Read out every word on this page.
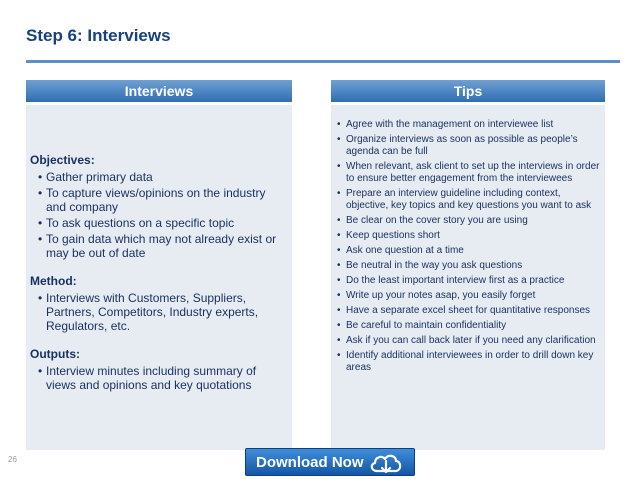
Step 6: Interviews
Interviews	Tips
Objectives:
• Gather primary data
• To capture views/opinions on the industry and company
• To ask questions on a specific topic
• To gain data which may not already exist or may be out of date
Method:
• Interviews with Customers, Suppliers, Partners, Competitors, Industry experts, Regulators, etc.
Outputs:
• Interview minutes including summary of views and opinions and key quotations
• Agree with the management on interviewee list
• Organize interviews as soon as possible as people’s agenda can be full
• When relevant, ask client to set up the interviews in order to ensure better engagement from the interviewees
• Prepare an interview guideline including context, objective, key topics and key questions you want to ask
• Be clear on the cover story you are using
• Keep questions short
• Ask one question at a time
• Be neutral in the way you ask questions
• Do the least important interview first as a practice
• Write up your notes asap, you easily forget
• Have a separate excel sheet for quantitative responses
• Be careful to maintain confidentiality
• Ask if you can call back later if you need any clarification
• Identify additional interviewees in order to drill down key areas
26	Download Now
